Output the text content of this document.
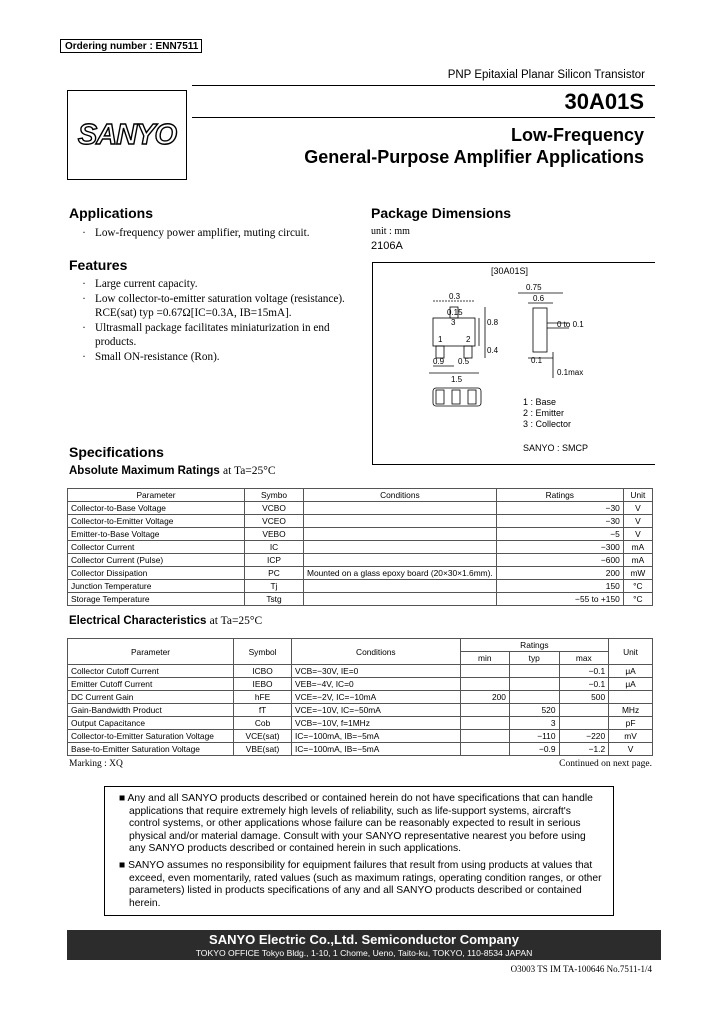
Ordering number : ENN7511
PNP Epitaxial Planar Silicon Transistor
SANYO
30A01S
Low-Frequency
General-Purpose Amplifier Applications
Applications
· Low-frequency power amplifier, muting circuit.
Features
· Large current capacity.
· Low collector-to-emitter saturation voltage (resistance).
RCE(sat) typ =0.67Ω[IC=0.3A, IB=15mA].
· Ultrasmall package facilitates miniaturization in end
products.
· Small ON-resistance (Ron).
Package Dimensions
unit : mm
2106A
[30A01S]
0.3
0.15
0.75
0.6
0 to 0.1
0.9 0.5
1.5
0.1
0.1max
0.8
0.4
1	2
3
1 : Base
2 : Emitter
3 : Collector
SANYO : SMCP
Specifications
Absolute Maximum Ratings at Ta=25°C
Parameter	Symbo	Conditions	Ratings	Unit
Collector-to-Base Voltage	VCBO		−30	V
Collector-to-Emitter Voltage	VCEO		−30	V
Emitter-to-Base Voltage	VEBO		−5	V
Collector Current	IC		−300	mA
Collector Current (Pulse)	ICP		−600	mA
Collector Dissipation	PC	Mounted on a glass epoxy board (20×30×1.6mm).	200	mW
Junction Temperature	Tj		150	°C
Storage Temperature	Tstg		−55 to +150	°C
Electrical Characteristics at Ta=25°C
Parameter	Symbol	Conditions	Ratings			Unit
			min	typ	max	
Collector Cutoff Current	ICBO	VCB=−30V, IE=0			−0.1	μA
Emitter Cutoff Current	IEBO	VEB=−4V, IC=0			−0.1	μA
DC Current Gain	hFE	VCE=−2V, IC=−10mA	200		500	
Gain-Bandwidth Product	fT	VCE=−10V, IC=−50mA		520		MHz
Output Capacitance	Cob	VCB=−10V, f=1MHz		3		pF
Collector-to-Emitter Saturation Voltage	VCE(sat)	IC=−100mA, IB=−5mA		−110	−220	mV
Base-to-Emitter Saturation Voltage	VBE(sat)	IC=−100mA, IB=−5mA		−0.9	−1.2	V
Marking : XQ	Continued on next page.

■ Any and all SANYO products described or contained herein do not have specifications that can handle applications that require extremely high levels of reliability, such as life-support systems, aircraft's control systems, or other applications whose failure can be reasonably expected to result in serious physical and/or material damage. Consult with your SANYO representative nearest you before using any SANYO products described or contained herein in such applications.

■ SANYO assumes no responsibility for equipment failures that result from using products at values that exceed, even momentarily, rated values (such as maximum ratings, operating condition ranges, or other parameters) listed in products specifications of any and all SANYO products described or contained herein.

SANYO Electric Co.,Ltd. Semiconductor Company
TOKYO OFFICE Tokyo Bldg., 1-10, 1 Chome, Ueno, Taito-ku, TOKYO, 110-8534 JAPAN
O3003 TS IM TA-100646 No.7511-1/4
